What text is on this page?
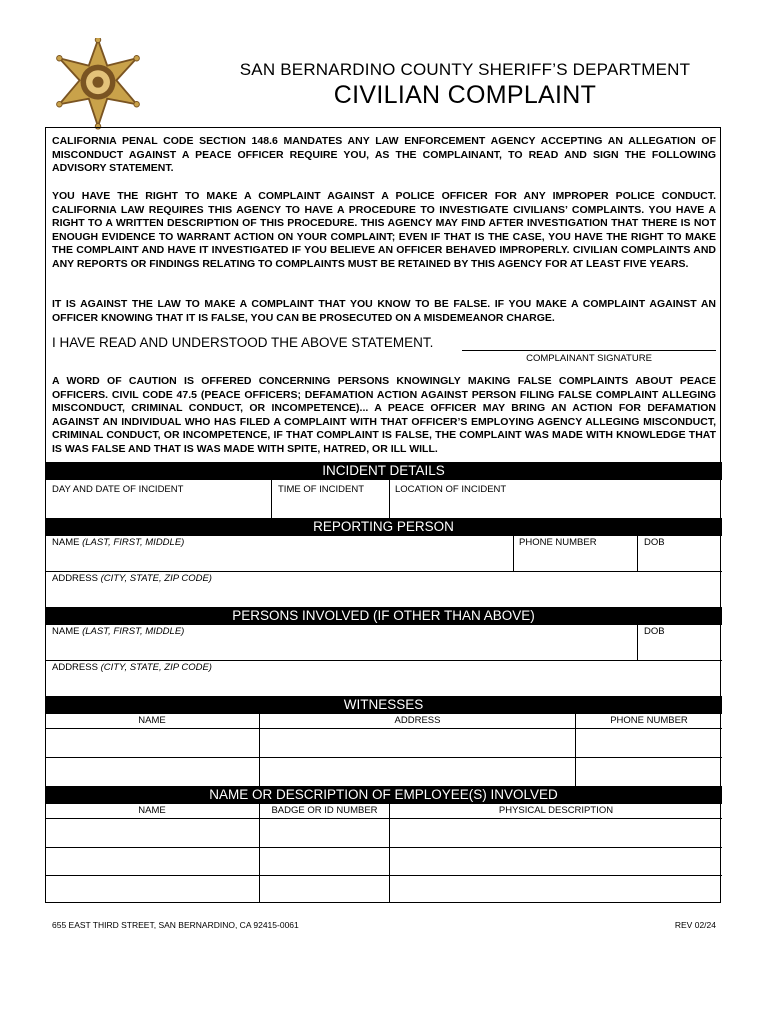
SAN BERNARDINO COUNTY SHERIFF’S DEPARTMENT
CIVILIAN COMPLAINT
CALIFORNIA PENAL CODE SECTION 148.6 MANDATES ANY LAW ENFORCEMENT AGENCY ACCEPTING AN ALLEGATION OF MISCONDUCT AGAINST A PEACE OFFICER REQUIRE YOU, AS THE COMPLAINANT, TO READ AND SIGN THE FOLLOWING ADVISORY STATEMENT.
YOU HAVE THE RIGHT TO MAKE A COMPLAINT AGAINST A POLICE OFFICER FOR ANY IMPROPER POLICE CONDUCT. CALIFORNIA LAW REQUIRES THIS AGENCY TO HAVE A PROCEDURE TO INVESTIGATE CIVILIANS’ COMPLAINTS. YOU HAVE A RIGHT TO A WRITTEN DESCRIPTION OF THIS PROCEDURE. THIS AGENCY MAY FIND AFTER INVESTIGATION THAT THERE IS NOT ENOUGH EVIDENCE TO WARRANT ACTION ON YOUR COMPLAINT; EVEN IF THAT IS THE CASE, YOU HAVE THE RIGHT TO MAKE THE COMPLAINT AND HAVE IT INVESTIGATED IF YOU BELIEVE AN OFFICER BEHAVED IMPROPERLY. CIVILIAN COMPLAINTS AND ANY REPORTS OR FINDINGS RELATING TO COMPLAINTS MUST BE RETAINED BY THIS AGENCY FOR AT LEAST FIVE YEARS.
IT IS AGAINST THE LAW TO MAKE A COMPLAINT THAT YOU KNOW TO BE FALSE. IF YOU MAKE A COMPLAINT AGAINST AN OFFICER KNOWING THAT IT IS FALSE, YOU CAN BE PROSECUTED ON A MISDEMEANOR CHARGE.
I HAVE READ AND UNDERSTOOD THE ABOVE STATEMENT.
COMPLAINANT SIGNATURE
A WORD OF CAUTION IS OFFERED CONCERNING PERSONS KNOWINGLY MAKING FALSE COMPLAINTS ABOUT PEACE OFFICERS. CIVIL CODE 47.5 (PEACE OFFICERS; DEFAMATION ACTION AGAINST PERSON FILING FALSE COMPLAINT ALLEGING MISCONDUCT, CRIMINAL CONDUCT, OR INCOMPETENCE)... A PEACE OFFICER MAY BRING AN ACTION FOR DEFAMATION AGAINST AN INDIVIDUAL WHO HAS FILED A COMPLAINT WITH THAT OFFICER’S EMPLOYING AGENCY ALLEGING MISCONDUCT, CRIMINAL CONDUCT, OR INCOMPETENCE, IF THAT COMPLAINT IS FALSE, THE COMPLAINT WAS MADE WITH KNOWLEDGE THAT IS WAS FALSE AND THAT IS WAS MADE WITH SPITE, HATRED, OR ILL WILL.
INCIDENT DETAILS
DAY AND DATE OF INCIDENT	TIME OF INCIDENT	LOCATION OF INCIDENT
REPORTING PERSON
NAME (LAST, FIRST, MIDDLE)	PHONE NUMBER	DOB
ADDRESS (CITY, STATE, ZIP CODE)
PERSONS INVOLVED (IF OTHER THAN ABOVE)
NAME (LAST, FIRST, MIDDLE)	DOB
ADDRESS (CITY, STATE, ZIP CODE)
WITNESSES
NAME	ADDRESS	PHONE NUMBER
NAME OR DESCRIPTION OF EMPLOYEE(S) INVOLVED
NAME	BADGE OR ID NUMBER	PHYSICAL DESCRIPTION
655 EAST THIRD STREET, SAN BERNARDINO, CA 92415-0061	REV 02/24
